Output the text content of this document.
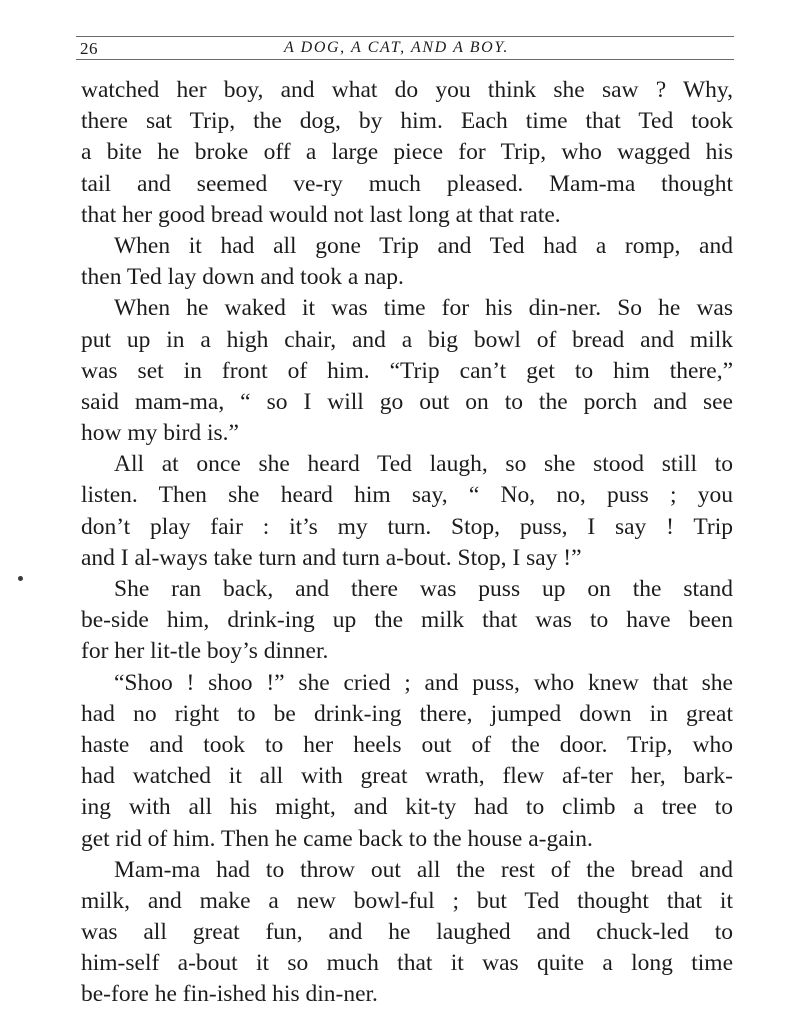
26	A DOG, A CAT, AND A BOY.
watched her boy, and what do you think she saw ? Why,
there sat Trip, the dog, by him. Each time that Ted took
a bite he broke off a large piece for Trip, who wagged his
tail and seemed ve-ry much pleased. Mam-ma thought
that her good bread would not last long at that rate.
When it had all gone Trip and Ted had a romp, and
then Ted lay down and took a nap.
When he waked it was time for his din-ner. So he was
put up in a high chair, and a big bowl of bread and milk
was set in front of him. “Trip can’t get to him there,”
said mam-ma, “ so I will go out on to the porch and see
how my bird is.”
All at once she heard Ted laugh, so she stood still to
listen. Then she heard him say, “ No, no, puss ; you
don’t play fair : it’s my turn. Stop, puss, I say ! Trip
and I al-ways take turn and turn a-bout. Stop, I say !”
She ran back, and there was puss up on the stand
be-side him, drink-ing up the milk that was to have been
for her lit-tle boy’s dinner.
“Shoo ! shoo !” she cried ; and puss, who knew that she
had no right to be drink-ing there, jumped down in great
haste and took to her heels out of the door. Trip, who
had watched it all with great wrath, flew af-ter her, bark-
ing with all his might, and kit-ty had to climb a tree to
get rid of him. Then he came back to the house a-gain.
Mam-ma had to throw out all the rest of the bread and
milk, and make a new bowl-ful ; but Ted thought that it
was all great fun, and he laughed and chuck-led to
him-self a-bout it so much that it was quite a long time
be-fore he fin-ished his din-ner.
